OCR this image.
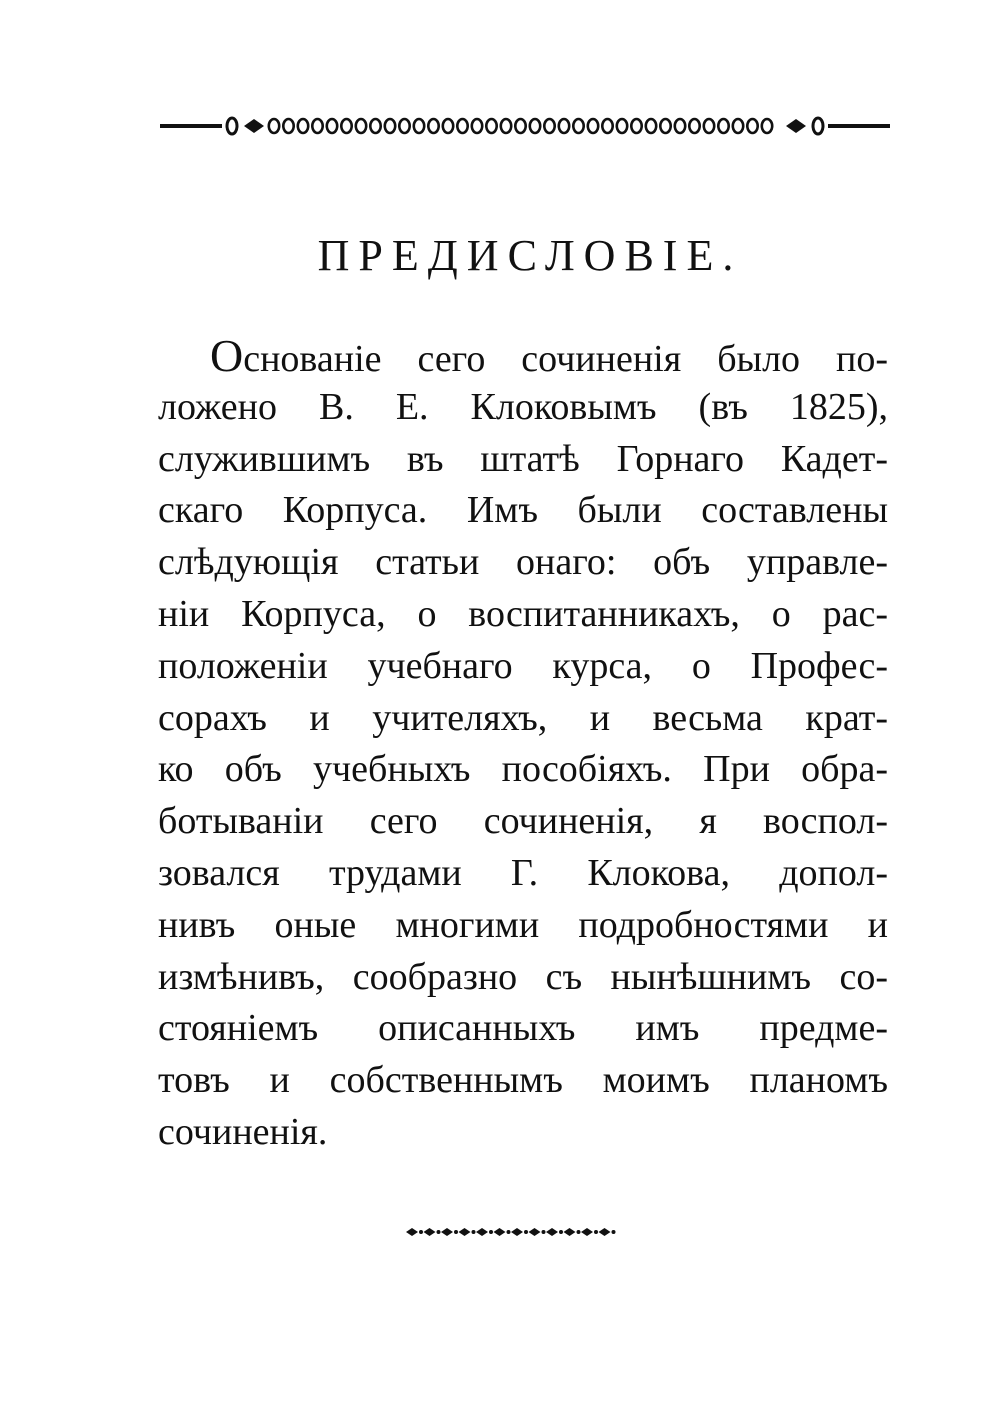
ПРЕДИСЛОВІЕ.
Основаніе сего сочиненія было по-
ложено В. Е. Клоковымъ (въ 1825),
служившимъ въ штатѣ Горнаго Кадет-
скаго Корпуса. Имъ были составлены
слѣдующія статьи онаго: объ управле-
ніи Корпуса, о воспитанникахъ, о рас-
положеніи учебнаго курса, о Профес-
сорахъ и учителяхъ, и весьма крат-
ко объ учебныхъ пособіяхъ. При обра-
ботываніи сего сочиненія, я воспол-
зовался трудами Г. Клокова, допол-
нивъ оные многими подробностями и
измѣнивъ, сообразно съ нынѣшнимъ со-
стояніемъ описанныхъ имъ предме-
товъ и собственнымъ моимъ планомъ
сочиненія.
